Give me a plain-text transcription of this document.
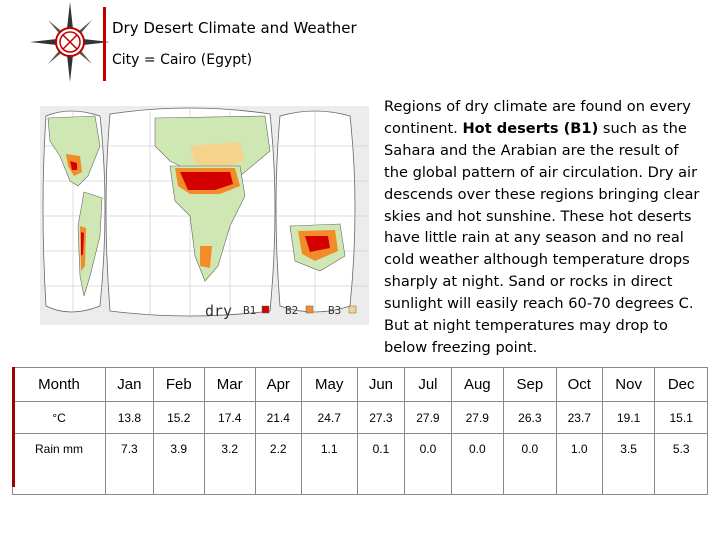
Dry Desert Climate and Weather
City = Cairo (Egypt)
dry B1	B2	B3
Regions of dry climate are found on every continent. Hot deserts (B1) such as the Sahara and the Arabian are the result of the global pattern of air circulation. Dry air descends over these regions bringing clear skies and hot sunshine. These hot deserts have little rain at any season and no real cold weather although temperature drops sharply at night. Sand or rocks in direct sunlight will easily reach 60-70 degrees C. But at night temperatures may drop to below freezing point.
Month	Jan	Feb	Mar	Apr	May	Jun	Jul	Aug	Sep	Oct	Nov	Dec
°C	13.8	15.2	17.4	21.4	24.7	27.3	27.9	27.9	26.3	23.7	19.1	15.1
Rain mm	7.3	3.9	3.2	2.2	1.1	0.1	0.0	0.0	0.0	1.0	3.5	5.3
